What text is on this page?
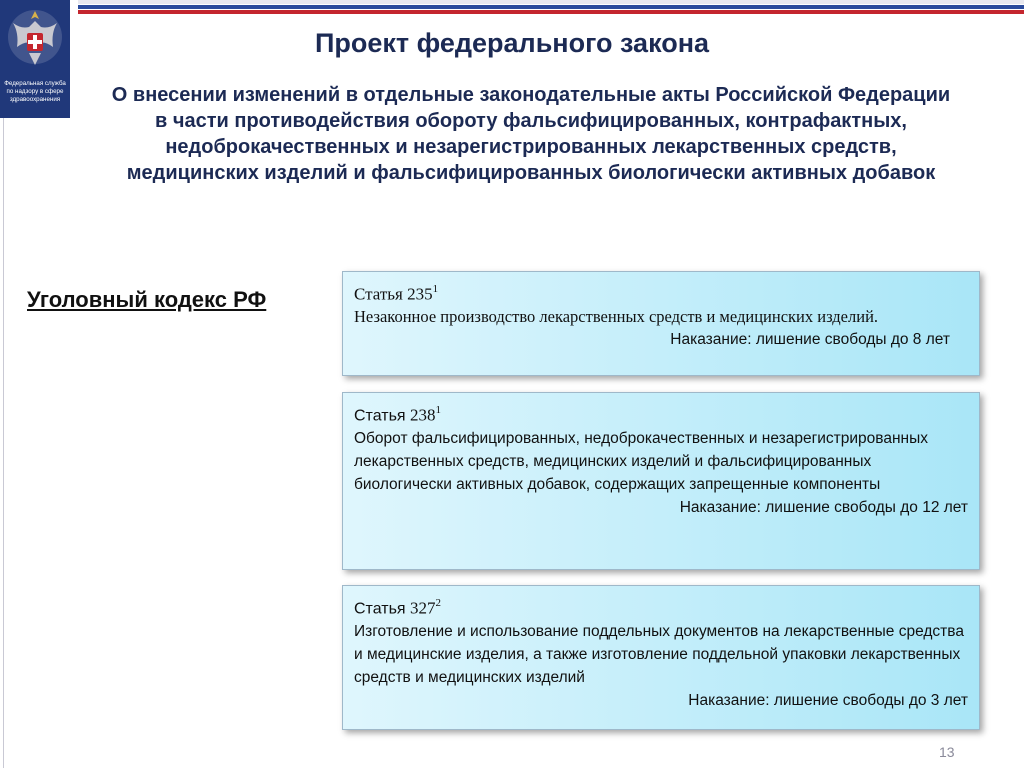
Федеральная служба
по надзору в сфере
здравоохранения
Проект федерального закона
О внесении изменений в отдельные законодательные акты Российской Федерации в части противодействия обороту фальсифицированных, контрафактных, недоброкачественных и незарегистрированных лекарственных средств, медицинских изделий и фальсифицированных биологически активных добавок
Уголовный кодекс РФ	Статья $235^1$
Незаконное производство лекарственных средств и медицинских изделий.
Наказание: лишение свободы до 8 лет
Статья $238^1$
Оборот фальсифицированных, недоброкачественных и незарегистрированных лекарственных средств, медицинских изделий и фальсифицированных биологически активных добавок, содержащих запрещенные компоненты
Наказание: лишение свободы до 12 лет
Статья $327^2$
Изготовление и использование поддельных документов на лекарственные средства и медицинские изделия, а также изготовление поддельной упаковки лекарственных средств и медицинских изделий
Наказание: лишение свободы до 3 лет
13
